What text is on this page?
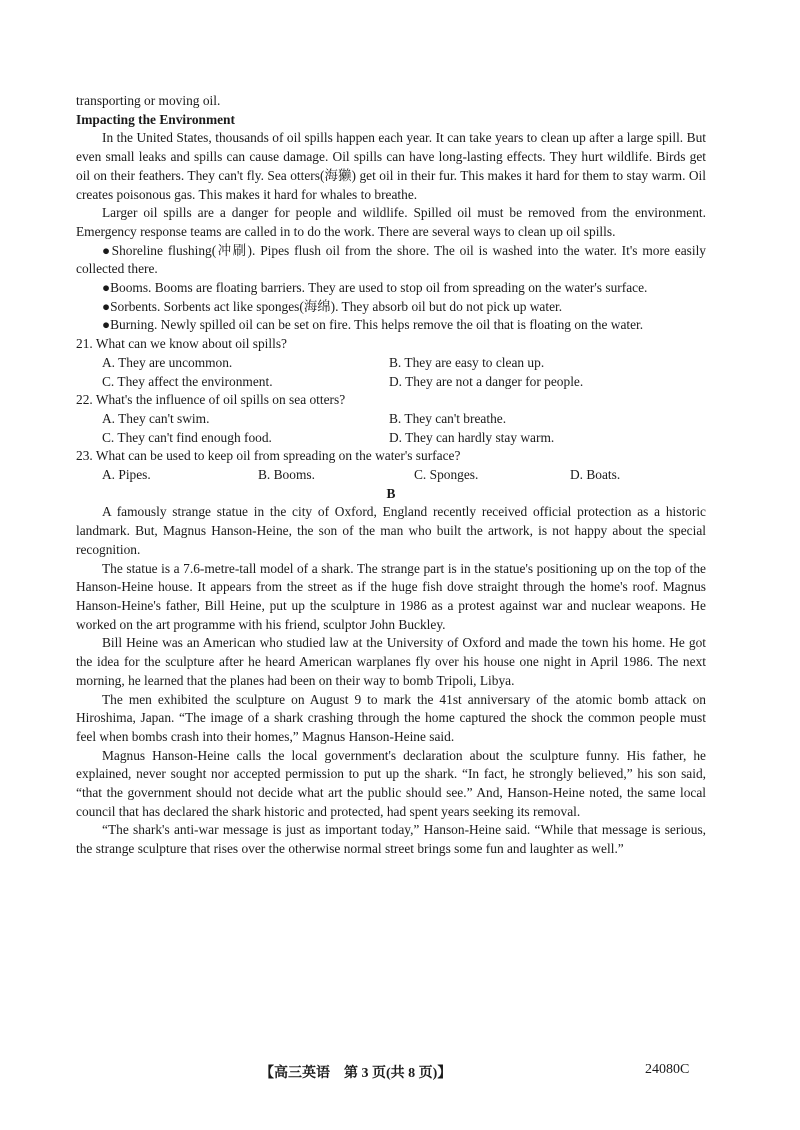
transporting or moving oil.

Impacting the Environment

In the United States, thousands of oil spills happen each year. It can take years to clean up after a large spill. But even small leaks and spills can cause damage. Oil spills can have long-lasting effects. They hurt wildlife. Birds get oil on their feathers. They can't fly. Sea otters(海獭) get oil in their fur. This makes it hard for them to stay warm. Oil creates poisonous gas. This makes it hard for whales to breathe.

Larger oil spills are a danger for people and wildlife. Spilled oil must be removed from the environment. Emergency response teams are called in to do the work. There are several ways to clean up oil spills.

●Shoreline flushing(冲刷). Pipes flush oil from the shore. The oil is washed into the water. It's more easily collected there.

●Booms. Booms are floating barriers. They are used to stop oil from spreading on the water's surface.

●Sorbents. Sorbents act like sponges(海绵). They absorb oil but do not pick up water.

●Burning. Newly spilled oil can be set on fire. This helps remove the oil that is floating on the water.

21. What can we know about oil spills?

A. They are uncommon.	B. They are easy to clean up.
C. They affect the environment.	D. They are not a danger for people.

22. What's the influence of oil spills on sea otters?

A. They can't swim.	B. They can't breathe.
C. They can't find enough food.	D. They can hardly stay warm.

23. What can be used to keep oil from spreading on the water's surface?

A. Pipes.	B. Booms.	C. Sponges.	D. Boats.

B

A famously strange statue in the city of Oxford, England recently received official protection as a historic landmark. But, Magnus Hanson-Heine, the son of the man who built the artwork, is not happy about the special recognition.

The statue is a 7.6-metre-tall model of a shark. The strange part is in the statue's positioning up on the top of the Hanson-Heine house. It appears from the street as if the huge fish dove straight through the home's roof. Magnus Hanson-Heine's father, Bill Heine, put up the sculpture in 1986 as a protest against war and nuclear weapons. He worked on the art programme with his friend, sculptor John Buckley.

Bill Heine was an American who studied law at the University of Oxford and made the town his home. He got the idea for the sculpture after he heard American warplanes fly over his house one night in April 1986. The next morning, he learned that the planes had been on their way to bomb Tripoli, Libya.

The men exhibited the sculpture on August 9 to mark the 41st anniversary of the atomic bomb attack on Hiroshima, Japan. “The image of a shark crashing through the home captured the shock the common people must feel when bombs crash into their homes,” Magnus Hanson-Heine said.

Magnus Hanson-Heine calls the local government's declaration about the sculpture funny. His father, he explained, never sought nor accepted permission to put up the shark. “In fact, he strongly believed,” his son said, “that the government should not decide what art the public should see.” And, Hanson-Heine noted, the same local council that has declared the shark historic and protected, had spent years seeking its removal.

“The shark's anti-war message is just as important today,” Hanson-Heine said. “While that message is serious, the strange sculpture that rises over the otherwise normal street brings some fun and laughter as well.”

【高三英语　第 3 页(共 8 页)】	24080C
